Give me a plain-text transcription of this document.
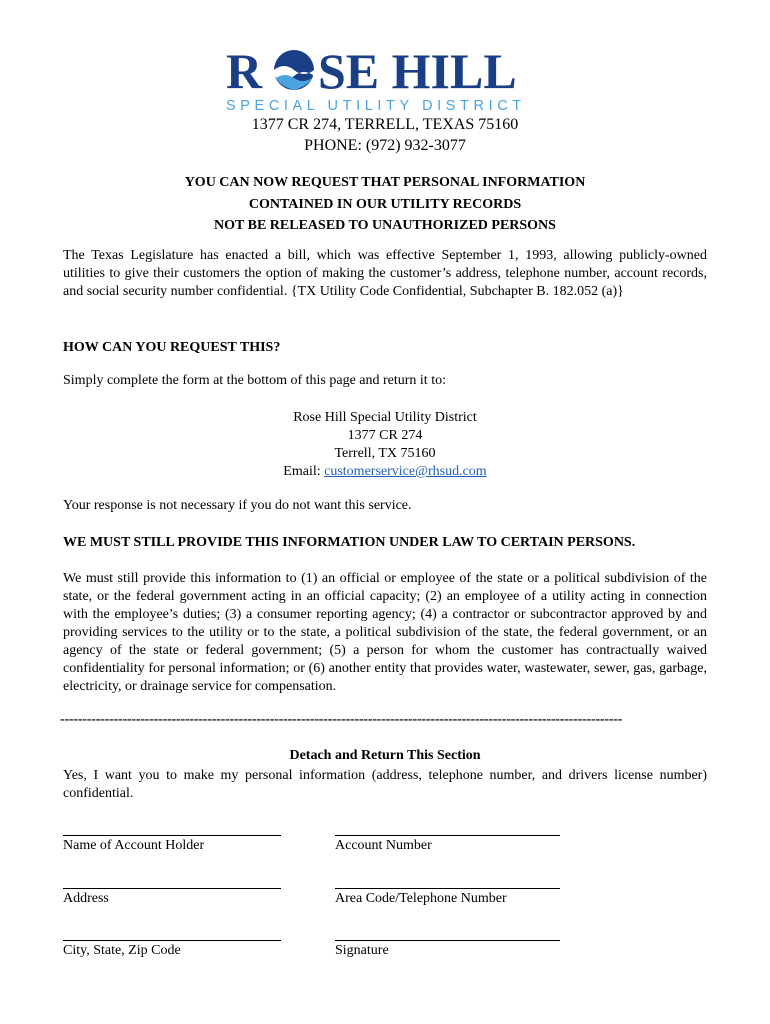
R SE HILL
SPECIAL UTILITY DISTRICT
1377 CR 274, TERRELL, TEXAS 75160
PHONE: (972) 932-3077
YOU CAN NOW REQUEST THAT PERSONAL INFORMATION
CONTAINED IN OUR UTILITY RECORDS
NOT BE RELEASED TO UNAUTHORIZED PERSONS
The Texas Legislature has enacted a bill, which was effective September 1, 1993, allowing publicly-owned utilities to give their customers the option of making the customer’s address, telephone number, account records, and social security number confidential. {TX Utility Code Confidential, Subchapter B. 182.052 (a)}
HOW CAN YOU REQUEST THIS?
Simply complete the form at the bottom of this page and return it to:
Rose Hill Special Utility District
1377 CR 274
Terrell, TX 75160
Email: customerservice@rhsud.com
Your response is not necessary if you do not want this service.
WE MUST STILL PROVIDE THIS INFORMATION UNDER LAW TO CERTAIN PERSONS.
We must still provide this information to (1) an official or employee of the state or a political subdivision of the state, or the federal government acting in an official capacity; (2) an employee of a utility acting in connection with the employee’s duties; (3) a consumer reporting agency; (4) a contractor or subcontractor approved by and providing services to the utility or to the state, a political subdivision of the state, the federal government, or an agency of the state or federal government; (5) a person for whom the customer has contractually waived confidentiality for personal information; or (6) another entity that provides water, wastewater, sewer, gas, garbage, electricity, or drainage service for compensation.
------------------------------------------------------------------------------------------------------------------------------
Detach and Return This Section
Yes, I want you to make my personal information (address, telephone number, and drivers license number) confidential.
Name of Account Holder	Account Number
Address	Area Code/Telephone Number
City, State, Zip Code	Signature
